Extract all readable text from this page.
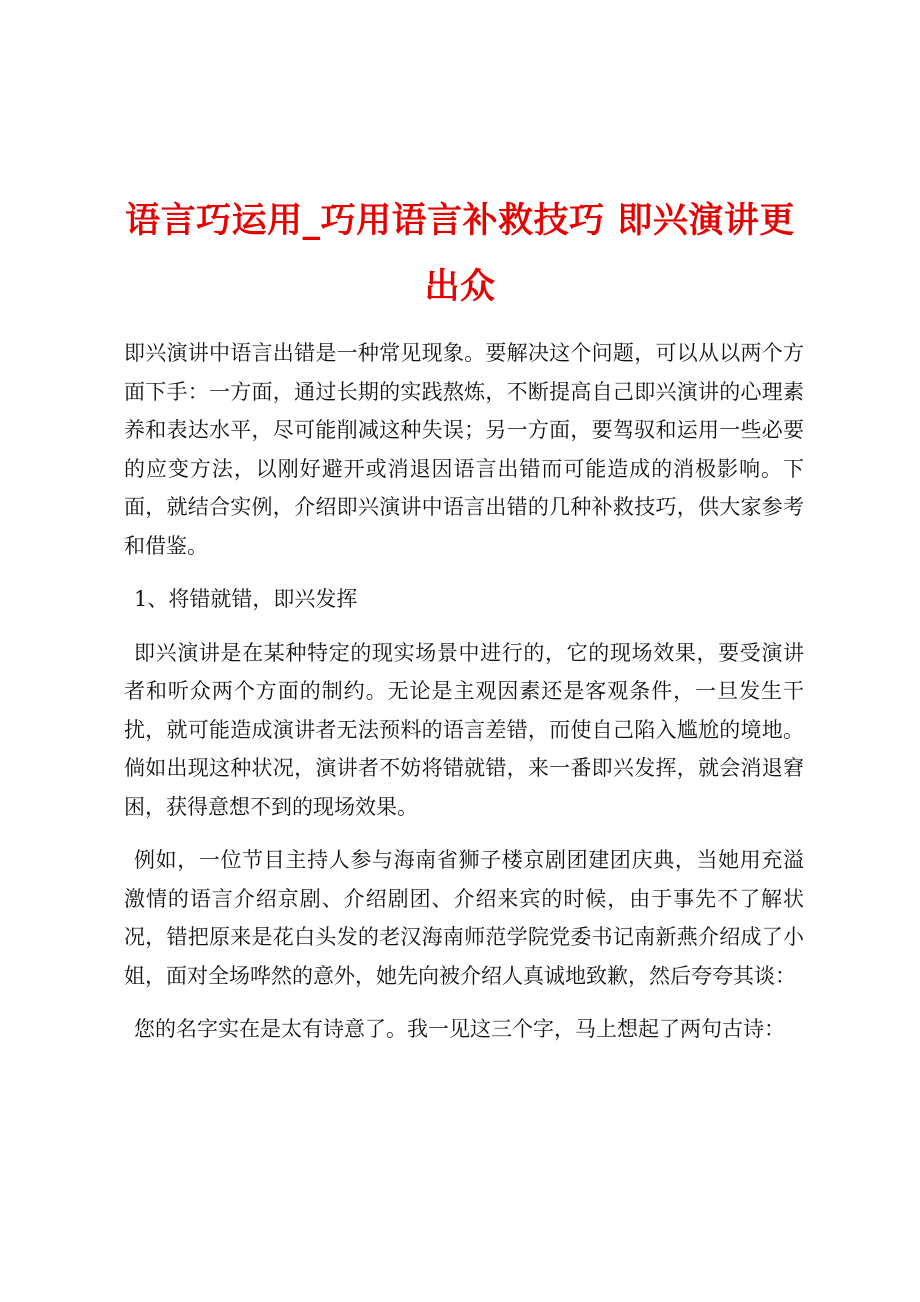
语言巧运用_巧用语言补救技巧 即兴演讲更出众

即兴演讲中语言出错是一种常见现象。要解决这个问题，可以从以两个方面下手：一方面，通过长期的实践熬炼，不断提高自己即兴演讲的心理素养和表达水平，尽可能削减这种失误；另一方面，要驾驭和运用一些必要的应变方法，以刚好避开或消退因语言出错而可能造成的消极影响。下面，就结合实例，介绍即兴演讲中语言出错的几种补救技巧，供大家参考和借鉴。

1、将错就错，即兴发挥

即兴演讲是在某种特定的现实场景中进行的，它的现场效果，要受演讲者和听众两个方面的制约。无论是主观因素还是客观条件，一旦发生干扰，就可能造成演讲者无法预料的语言差错，而使自己陷入尴尬的境地。倘如出现这种状况，演讲者不妨将错就错，来一番即兴发挥，就会消退窘困，获得意想不到的现场效果。

例如，一位节目主持人参与海南省狮子楼京剧团建团庆典，当她用充溢激情的语言介绍京剧、介绍剧团、介绍来宾的时候，由于事先不了解状况，错把原来是花白头发的老汉海南师范学院党委书记南新燕介绍成了小姐，面对全场哗然的意外，她先向被介绍人真诚地致歉，然后夸夸其谈：

您的名字实在是太有诗意了。我一见这三个字，马上想起了两句古诗：
